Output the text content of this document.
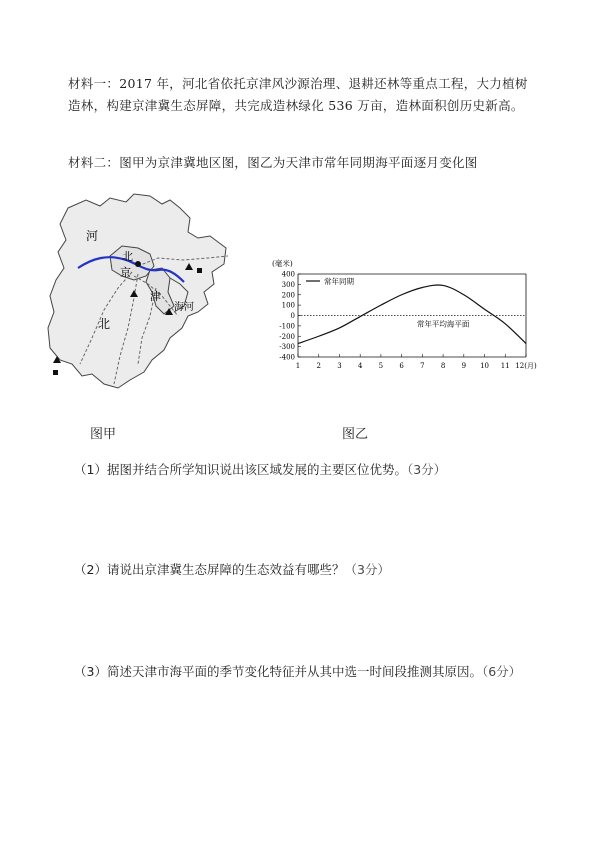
材料一：2017 年，河北省依托京津风沙源治理、退耕还林等重点工程，大力植树造林，构建京津冀生态屏障，共完成造林绿化 536 万亩，造林面积创历史新高。

材料二：图甲为京津冀地区图，图乙为天津市常年同期海平面逐月变化图

河
北
京
津
北
海河
(毫米)
400
300
200
100
0
-100
-200
-300
-400
1 2 3 4 5 6 7 8 9 10 11 12(月)
常年平均海平面
常年同期
图甲	图乙
（1）据图并结合所学知识说出该区域发展的主要区位优势。（3分）
（2）请说出京津冀生态屏障的生态效益有哪些？（3分）
（3）简述天津市海平面的季节变化特征并从其中选一时间段推测其原因。（6分）
